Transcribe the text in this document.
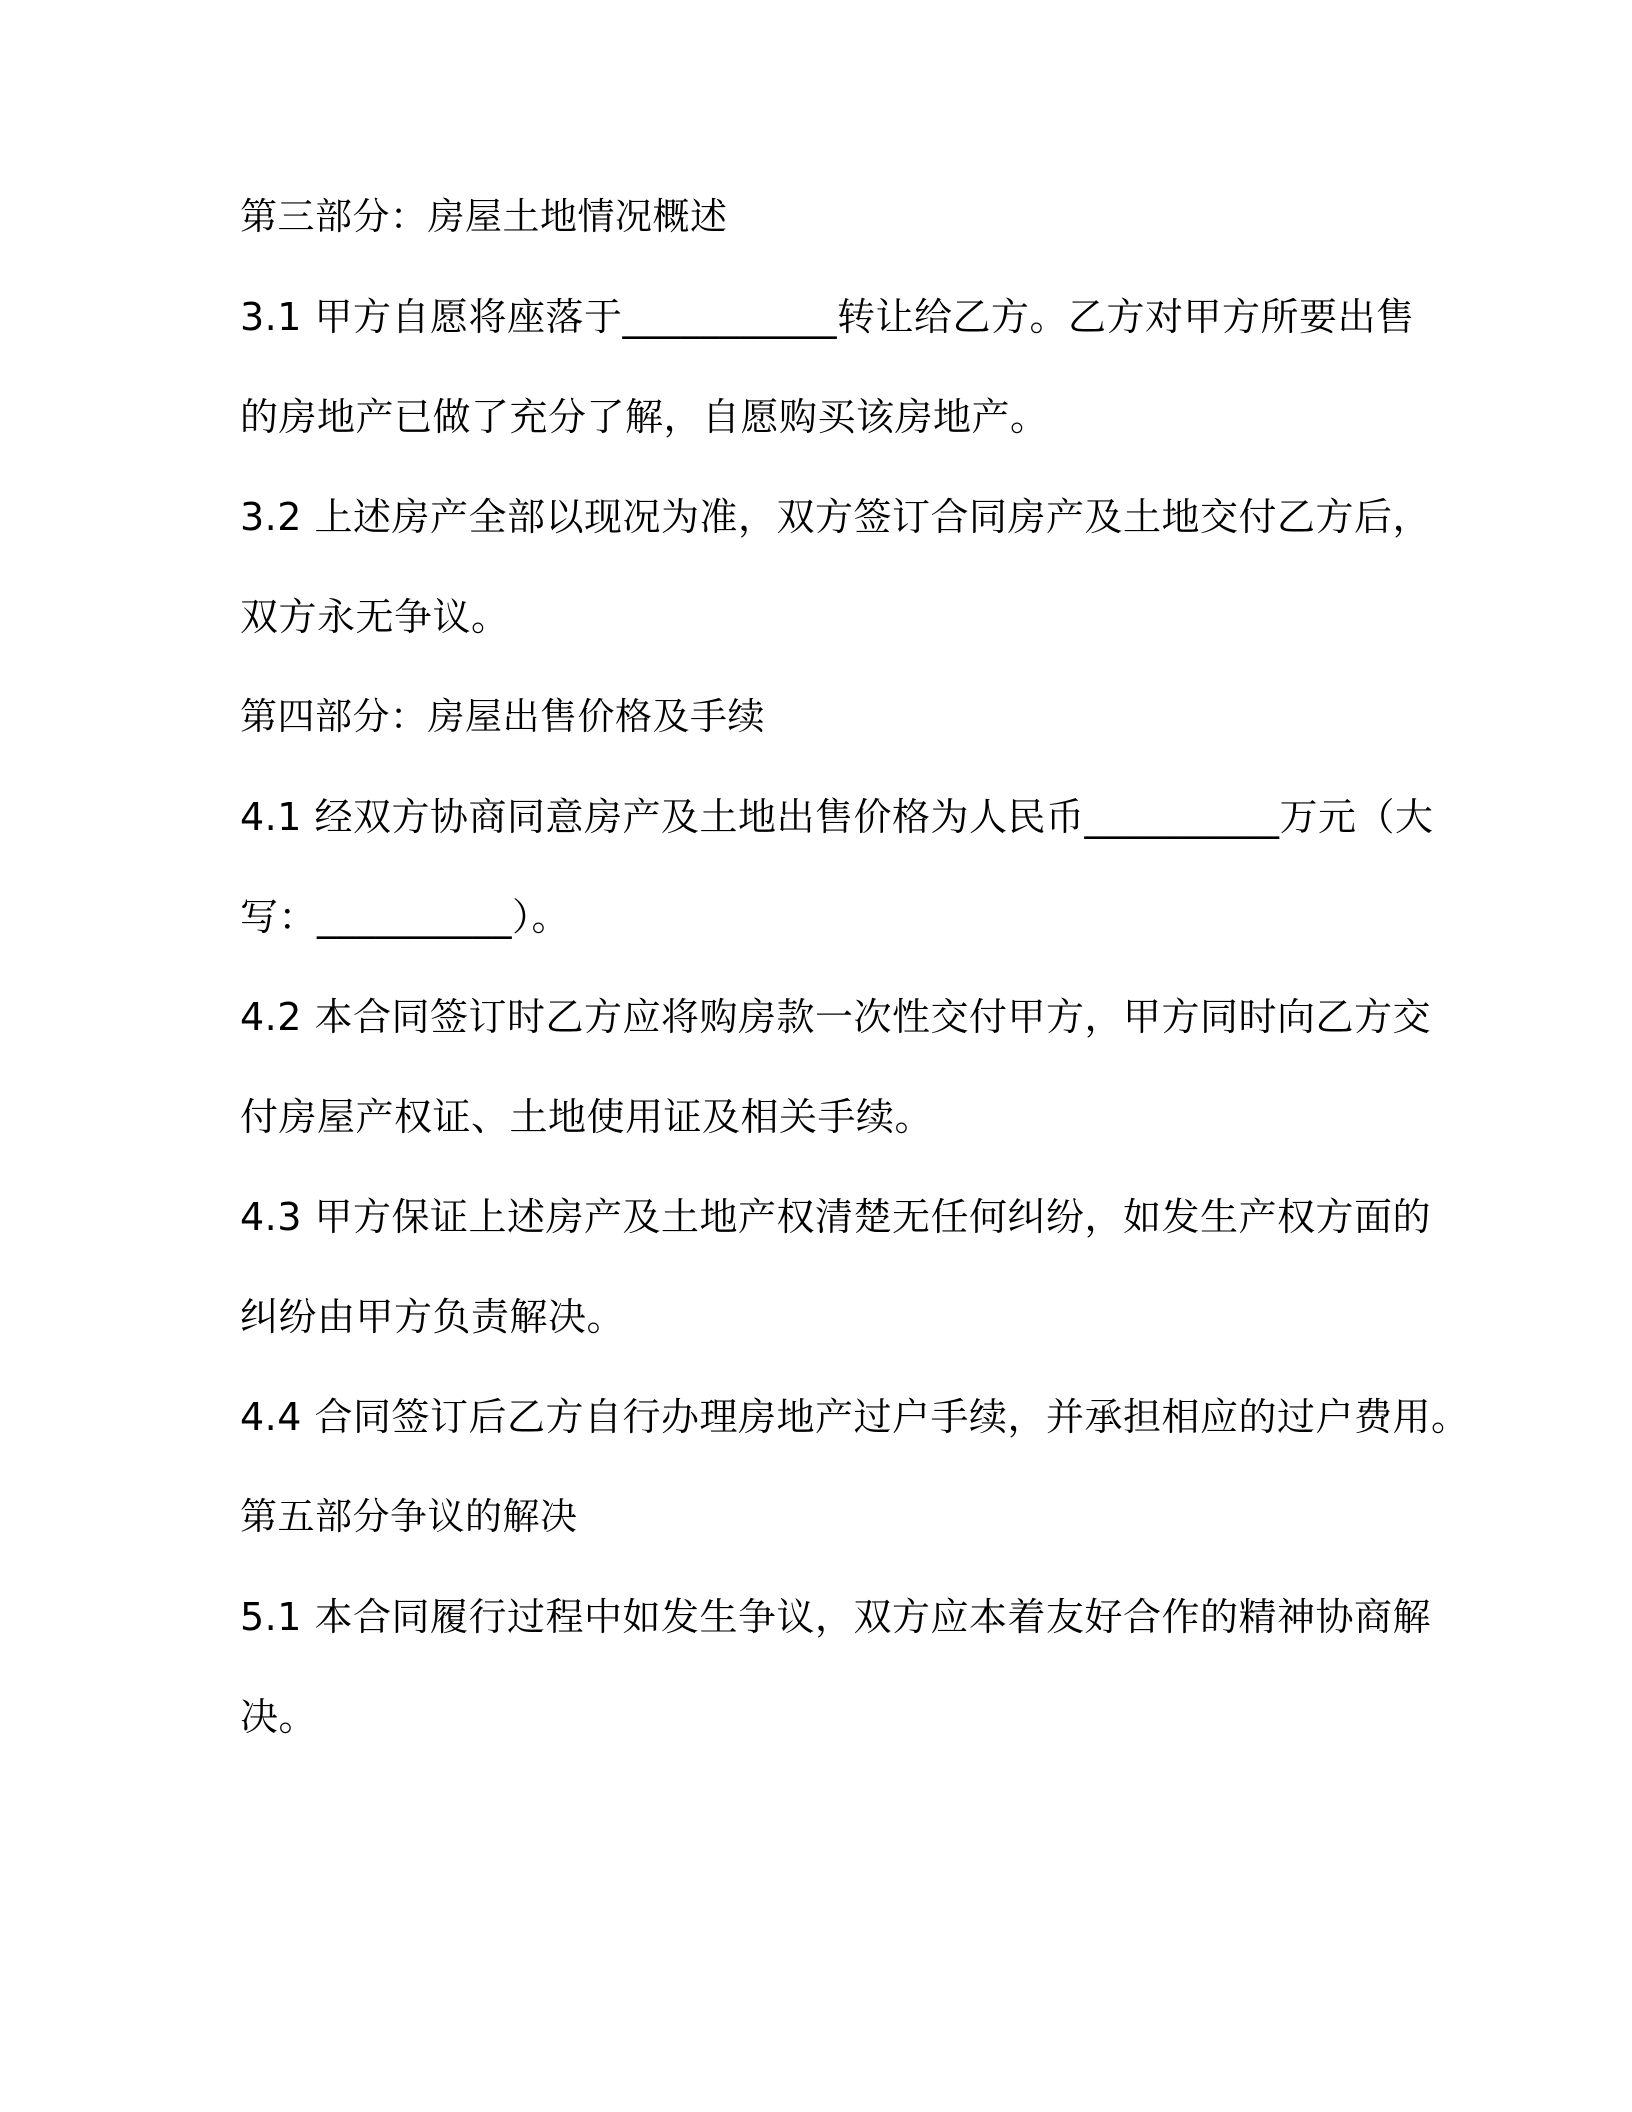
第三部分：房屋土地情况概述
3.1 甲方自愿将座落于___________转让给乙方。乙方对甲方所要出售
的房地产已做了充分了解，自愿购买该房地产。
3.2 上述房产全部以现况为准，双方签订合同房产及土地交付乙方后，
双方永无争议。
第四部分：房屋出售价格及手续
4.1 经双方协商同意房产及土地出售价格为人民币__________万元（大
写：__________）。
4.2 本合同签订时乙方应将购房款一次性交付甲方，甲方同时向乙方交
付房屋产权证、土地使用证及相关手续。
4.3 甲方保证上述房产及土地产权清楚无任何纠纷，如发生产权方面的
纠纷由甲方负责解决。
4.4 合同签订后乙方自行办理房地产过户手续，并承担相应的过户费用。
第五部分争议的解决
5.1 本合同履行过程中如发生争议，双方应本着友好合作的精神协商解
决。
